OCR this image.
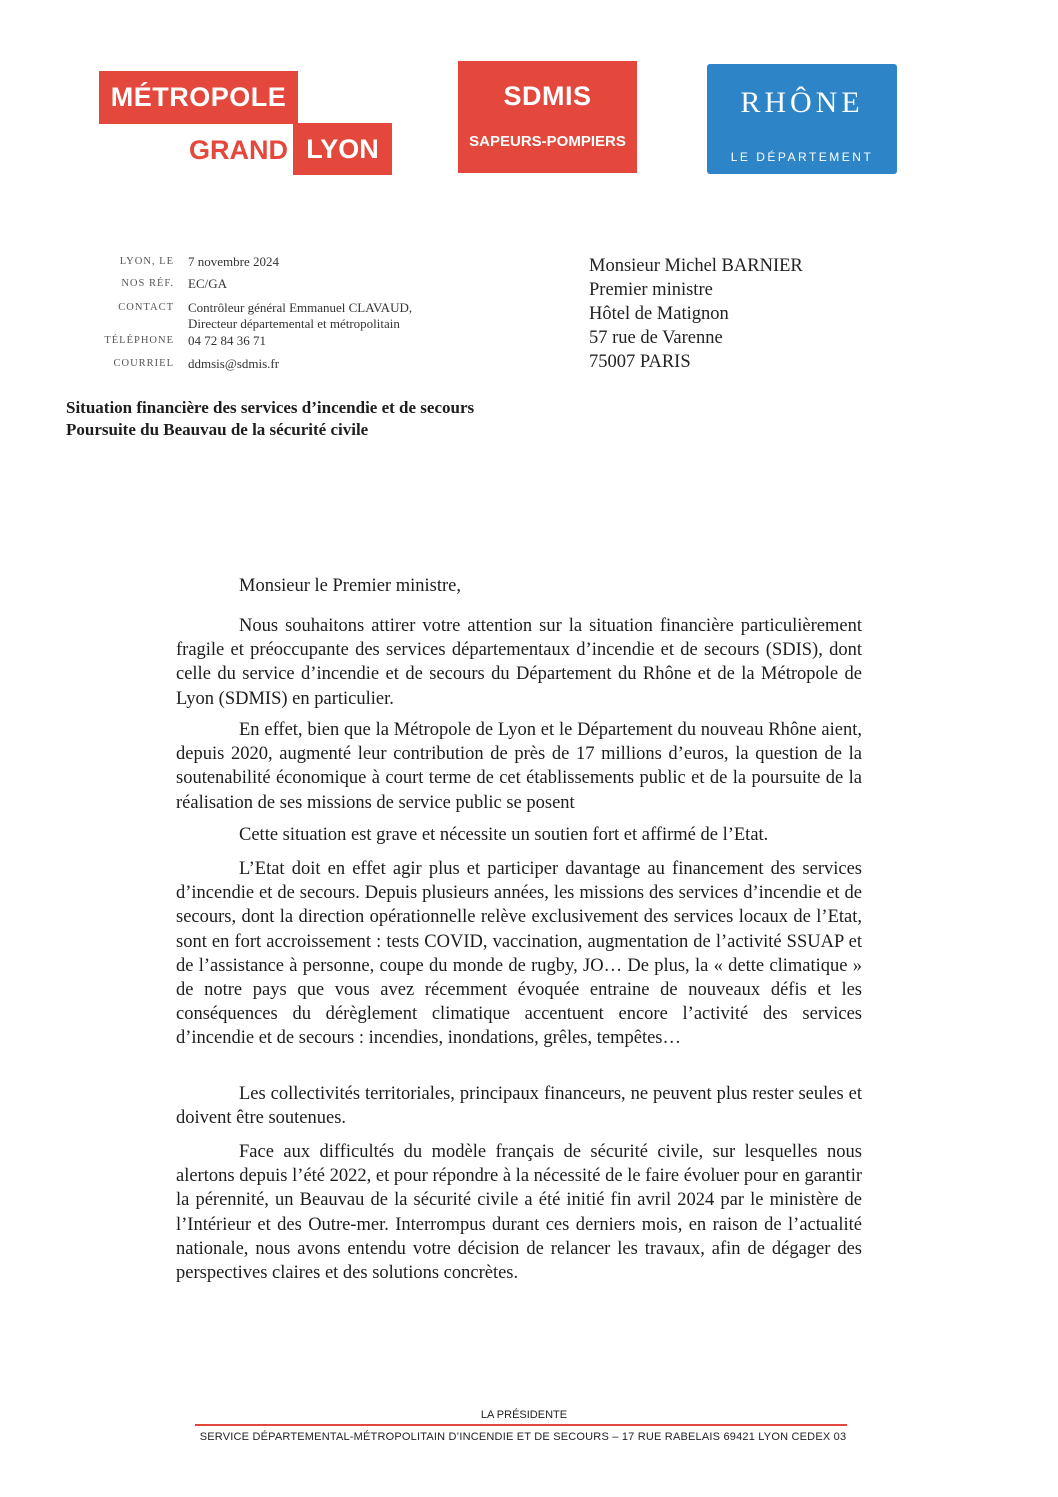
MÉTROPOLE
GRAND LYON
SDMIS
SAPEURS-POMPIERS
RHÔNE
LE DÉPARTEMENT
LYON, LE 7 novembre 2024
NOS RÉF. EC/GA
CONTACT Contrôleur général Emmanuel CLAVAUD,
Directeur départemental et métropolitain
TÉLÉPHONE 04 72 84 36 71
COURRIEL ddmsis@sdmis.fr
Monsieur Michel BARNIER
Premier ministre
Hôtel de Matignon
57 rue de Varenne
75007 PARIS
Situation financière des services d’incendie et de secours
Poursuite du Beauvau de la sécurité civile
Monsieur le Premier ministre,

Nous souhaitons attirer votre attention sur la situation financière particulièrement fragile et préoccupante des services départementaux d’incendie et de secours (SDIS), dont celle du service d’incendie et de secours du Département du Rhône et de la Métropole de Lyon (SDMIS) en particulier.

En effet, bien que la Métropole de Lyon et le Département du nouveau Rhône aient, depuis 2020, augmenté leur contribution de près de 17 millions d’euros, la question de la soutenabilité économique à court terme de cet établissements public et de la poursuite de la réalisation de ses missions de service public se posent

Cette situation est grave et nécessite un soutien fort et affirmé de l’Etat.

L’Etat doit en effet agir plus et participer davantage au financement des services d’incendie et de secours. Depuis plusieurs années, les missions des services d’incendie et de secours, dont la direction opérationnelle relève exclusivement des services locaux de l’Etat, sont en fort accroissement : tests COVID, vaccination, augmentation de l’activité SSUAP et de l’assistance à personne, coupe du monde de rugby, JO… De plus, la « dette climatique » de notre pays que vous avez récemment évoquée entraine de nouveaux défis et les conséquences du dérèglement climatique accentuent encore l’activité des services d’incendie et de secours : incendies, inondations, grêles, tempêtes…

Les collectivités territoriales, principaux financeurs, ne peuvent plus rester seules et doivent être soutenues.

Face aux difficultés du modèle français de sécurité civile, sur lesquelles nous alertons depuis l’été 2022, et pour répondre à la nécessité de le faire évoluer pour en garantir la pérennité, un Beauvau de la sécurité civile a été initié fin avril 2024 par le ministère de l’Intérieur et des Outre-mer. Interrompus durant ces derniers mois, en raison de l’actualité nationale, nous avons entendu votre décision de relancer les travaux, afin de dégager des perspectives claires et des solutions concrètes.

LA PRÉSIDENTE
SERVICE DÉPARTEMENTAL-MÉTROPOLITAIN D’INCENDIE ET DE SECOURS – 17 RUE RABELAIS 69421 LYON CEDEX 03
